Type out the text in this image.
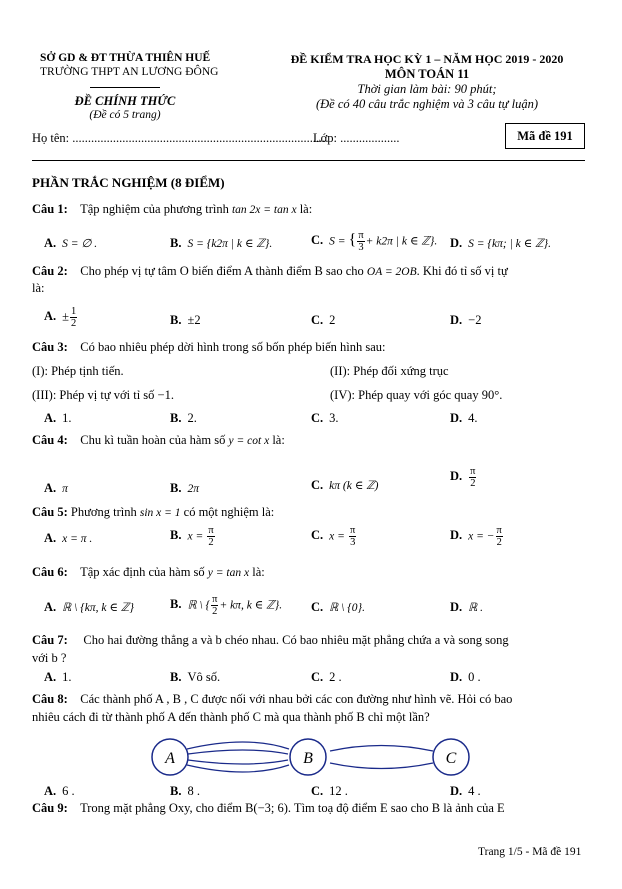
SỞ GD & ĐT THỪA THIÊN HUẾ
TRƯỜNG THPT AN LƯƠNG ĐÔNG
ĐỀ CHÍNH THỨC
(Đề có 5 trang)
ĐỀ KIỂM TRA HỌC KỲ 1 – NĂM HỌC 2019 - 2020
MÔN TOÁN 11
Thời gian làm bài: 90 phút;
(Đề có 40 câu trắc nghiệm và 3 câu tự luận)
Họ tên: ..................................................................................
Lớp: ...................	Mã đề 191
PHẦN TRẮC NGHIỆM (8 ĐIỂM)
Câu 1: Tập nghiệm của phương trình tan 2x = tan x là:
A. S = ∅ .	B. S = {k2π | k ∈ ℤ}.	C. S = { $\frac{\pi}{3} + k2\pi$ | k ∈ ℤ}. D. S = {kπ; | k ∈ ℤ}.
Câu 2: Cho phép vị tự tâm O biến điểm A thành điểm B sao cho OA = 2OB. Khi đó tỉ số vị tự
là:
A. ± $\frac{1}{2}$	B. ±2	C. 2	D. −2
Câu 3: Có bao nhiêu phép dời hình trong số bốn phép biến hình sau:
(I): Phép tịnh tiến.	(II): Phép đối xứng trục
(III): Phép vị tự với tỉ số −1.	(IV): Phép quay với góc quay 90°.
A. 1.	B. 2.	C. 3.	D. 4.
Câu 4: Chu kì tuần hoàn của hàm số y = cot x là:
A. π	B. 2π	C. kπ (k ∈ ℤ)
D. $\frac{\pi}{2}$
Câu 5: Phương trình sin x = 1 có một nghiệm là:
A. x = π .	B. $x = \frac{\pi}{2}$	C. $x = \frac{\pi}{3}$	D. x = − $\frac{\pi}{2}$
Câu 6: Tập xác định của hàm số y = tan x là:
A. ℝ \ {kπ, k ∈ ℤ}	B. ℝ \ { $\frac{\pi}{2} + k\pi$, k ∈ ℤ}. C. ℝ \ {0}.	D. ℝ .
Câu 7: Cho hai đường thẳng a và b chéo nhau. Có bao nhiêu mặt phẳng chứa a và song song
với b ?
A. 1.	B. Vô số.	C. 2 .	D. 0 .
Câu 8: Các thành phố A , B , C được nối với nhau bởi các con đường như hình vẽ. Hỏi có bao
nhiêu cách đi từ thành phố A đến thành phố C mà qua thành phố B chỉ một lần?
A	B	C
A. 6 .	B. 8 .	C. 12 .	D. 4 .
Câu 9: Trong mặt phẳng Oxy, cho điểm B(−3; 6). Tìm toạ độ điểm E sao cho B là ảnh của E
Trang 1/5 - Mã đề 191
